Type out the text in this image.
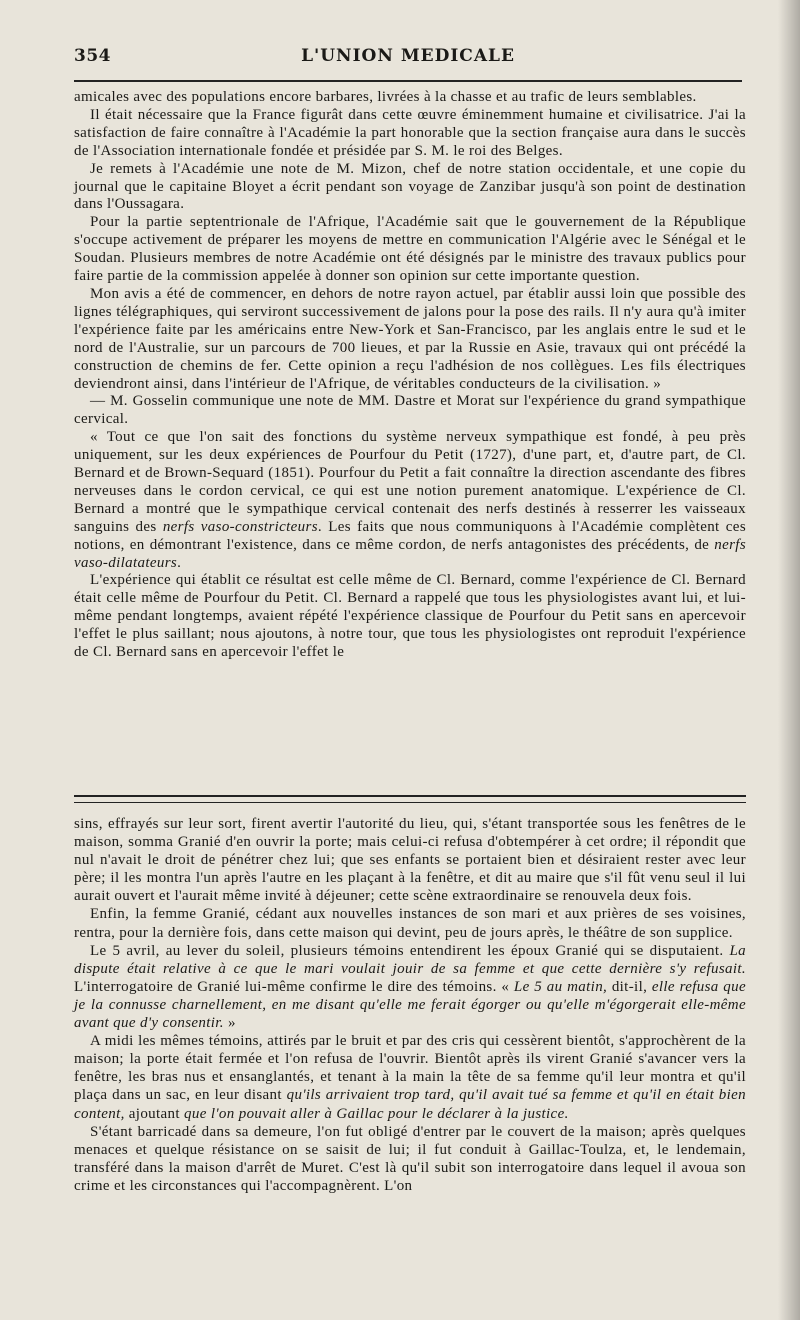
354	L'UNION MEDICALE

amicales avec des populations encore barbares, livrées à la chasse et au trafic de leurs semblables.

Il était nécessaire que la France figurât dans cette œuvre éminemment humaine et civilisatrice. J'ai la satisfaction de faire connaître à l'Académie la part honorable que la section française aura dans le succès de l'Association internationale fondée et présidée par S. M. le roi des Belges.

Je remets à l'Académie une note de M. Mizon, chef de notre station occidentale, et une copie du journal que le capitaine Bloyet a écrit pendant son voyage de Zanzibar jusqu'à son point de destination dans l'Oussagara.

Pour la partie septentrionale de l'Afrique, l'Académie sait que le gouvernement de la République s'occupe activement de préparer les moyens de mettre en communication l'Algérie avec le Sénégal et le Soudan. Plusieurs membres de notre Académie ont été désignés par le ministre des travaux publics pour faire partie de la commission appelée à donner son opinion sur cette importante question.

Mon avis a été de commencer, en dehors de notre rayon actuel, par établir aussi loin que possible des lignes télégraphiques, qui serviront successivement de jalons pour la pose des rails. Il n'y aura qu'à imiter l'expérience faite par les américains entre New-York et San-Francisco, par les anglais entre le sud et le nord de l'Australie, sur un parcours de 700 lieues, et par la Russie en Asie, travaux qui ont précédé la construction de chemins de fer. Cette opinion a reçu l'adhésion de nos collègues. Les fils électriques deviendront ainsi, dans l'intérieur de l'Afrique, de véritables conducteurs de la civilisation. »

— M. Gosselin communique une note de MM. Dastre et Morat sur l'expérience du grand sympathique cervical.

« Tout ce que l'on sait des fonctions du système nerveux sympathique est fondé, à peu près uniquement, sur les deux expériences de Pourfour du Petit (1727), d'une part, et, d'autre part, de Cl. Bernard et de Brown-Sequard (1851). Pourfour du Petit a fait connaître la direction ascendante des fibres nerveuses dans le cordon cervical, ce qui est une notion purement anatomique. L'expérience de Cl. Bernard a montré que le sympathique cervical contenait des nerfs destinés à resserrer les vaisseaux sanguins des nerfs vaso-constricteurs. Les faits que nous communiquons à l'Académie complètent ces notions, en démontrant l'existence, dans ce même cordon, de nerfs antagonistes des précédents, de nerfs vaso-dilatateurs.

L'expérience qui établit ce résultat est celle même de Cl. Bernard, comme l'expérience de Cl. Bernard était celle même de Pourfour du Petit. Cl. Bernard a rappelé que tous les physiologistes avant lui, et lui-même pendant longtemps, avaient répété l'expérience classique de Pourfour du Petit sans en apercevoir l'effet le plus saillant; nous ajoutons, à notre tour, que tous les physiologistes ont reproduit l'expérience de Cl. Bernard sans en apercevoir l'effet le

sins, effrayés sur leur sort, firent avertir l'autorité du lieu, qui, s'étant transportée sous les fenêtres de le maison, somma Granié d'en ouvrir la porte; mais celui-ci refusa d'obtempérer à cet ordre; il répondit que nul n'avait le droit de pénétrer chez lui; que ses enfants se portaient bien et désiraient rester avec leur père; il les montra l'un après l'autre en les plaçant à la fenêtre, et dit au maire que s'il fût venu seul il lui aurait ouvert et l'aurait même invité à déjeuner; cette scène extraordinaire se renouvela deux fois.

Enfin, la femme Granié, cédant aux nouvelles instances de son mari et aux prières de ses voisines, rentra, pour la dernière fois, dans cette maison qui devint, peu de jours après, le théâtre de son supplice.

Le 5 avril, au lever du soleil, plusieurs témoins entendirent les époux Granié qui se disputaient. La dispute était relative à ce que le mari voulait jouir de sa femme et que cette dernière s'y refusait. L'interrogatoire de Granié lui-même confirme le dire des témoins. « Le 5 au matin, dit-il, elle refusa que je la connusse charnellement, en me disant qu'elle me ferait égorger ou qu'elle m'égorgerait elle-même avant que d'y consentir. »

A midi les mêmes témoins, attirés par le bruit et par des cris qui cessèrent bientôt, s'approchèrent de la maison; la porte était fermée et l'on refusa de l'ouvrir. Bientôt après ils virent Granié s'avancer vers la fenêtre, les bras nus et ensanglantés, et tenant à la main la tête de sa femme qu'il leur montra et qu'il plaça dans un sac, en leur disant qu'ils arrivaient trop tard, qu'il avait tué sa femme et qu'il en était bien content, ajoutant que l'on pouvait aller à Gaillac pour le déclarer à la justice.

S'étant barricadé dans sa demeure, l'on fut obligé d'entrer par le couvert de la maison; après quelques menaces et quelque résistance on se saisit de lui; il fut conduit à Gaillac-Toulza, et, le lendemain, transféré dans la maison d'arrêt de Muret. C'est là qu'il subit son interrogatoire dans lequel il avoua son crime et les circonstances qui l'accompagnèrent. L'on
